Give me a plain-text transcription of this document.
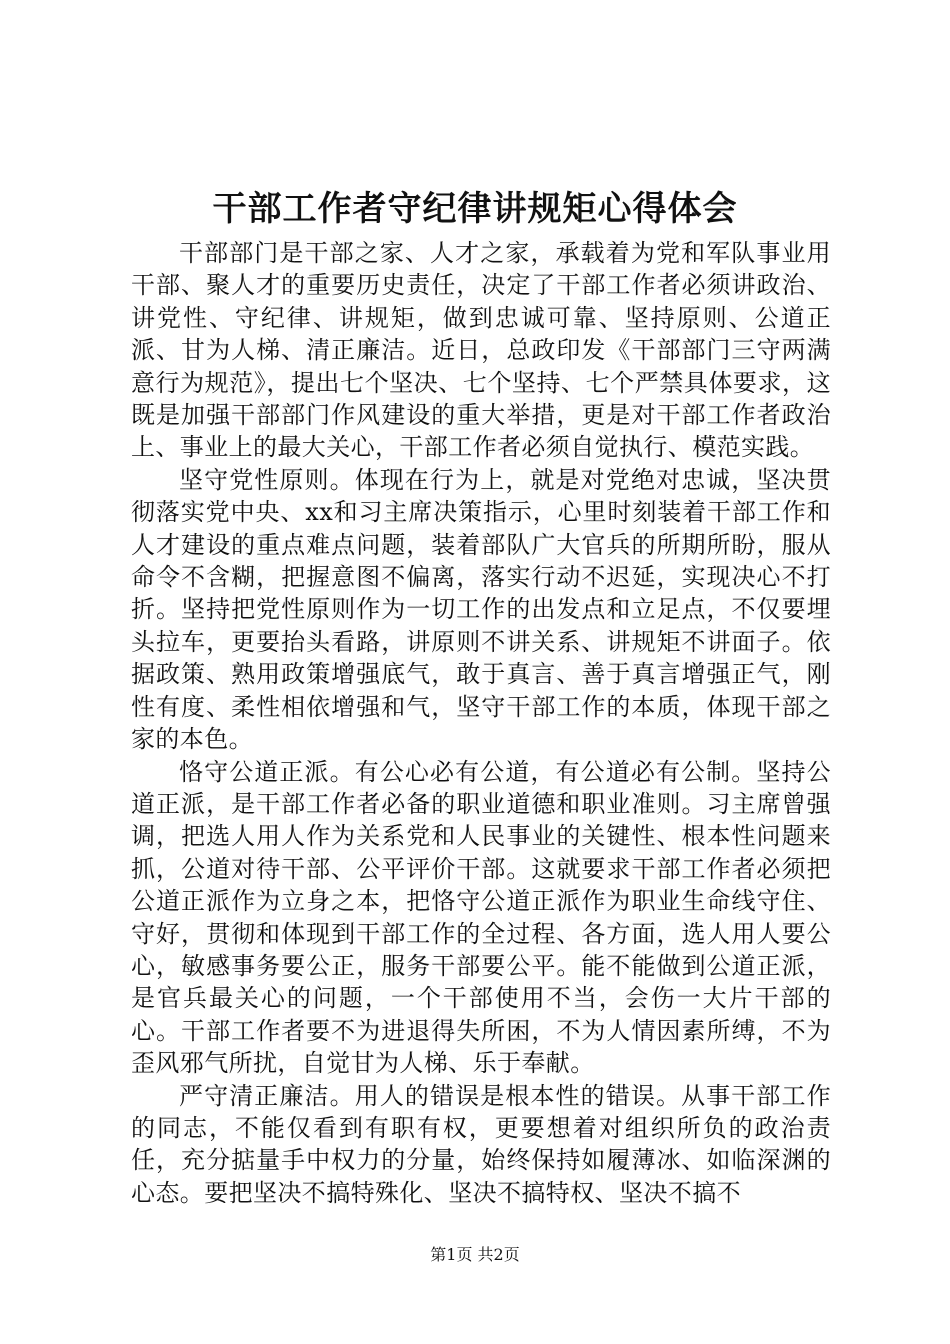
干部工作者守纪律讲规矩心得体会

干部部门是干部之家、人才之家，承载着为党和军队事业用干部、聚人才的重要历史责任，决定了干部工作者必须讲政治、讲党性、守纪律、讲规矩，做到忠诚可靠、坚持原则、公道正派、甘为人梯、清正廉洁。近日，总政印发《干部部门三守两满意行为规范》，提出七个坚决、七个坚持、七个严禁具体要求，这既是加强干部部门作风建设的重大举措，更是对干部工作者政治上、事业上的最大关心，干部工作者必须自觉执行、模范实践。

坚守党性原则。体现在行为上，就是对党绝对忠诚，坚决贯彻落实党中央、xx和习主席决策指示，心里时刻装着干部工作和人才建设的重点难点问题，装着部队广大官兵的所期所盼，服从命令不含糊，把握意图不偏离，落实行动不迟延，实现决心不打折。坚持把党性原则作为一切工作的出发点和立足点，不仅要埋头拉车，更要抬头看路，讲原则不讲关系、讲规矩不讲面子。依据政策、熟用政策增强底气，敢于真言、善于真言增强正气，刚性有度、柔性相依增强和气，坚守干部工作的本质，体现干部之家的本色。

恪守公道正派。有公心必有公道，有公道必有公制。坚持公道正派，是干部工作者必备的职业道德和职业准则。习主席曾强调，把选人用人作为关系党和人民事业的关键性、根本性问题来抓，公道对待干部、公平评价干部。这就要求干部工作者必须把公道正派作为立身之本，把恪守公道正派作为职业生命线守住、守好，贯彻和体现到干部工作的全过程、各方面，选人用人要公心，敏感事务要公正，服务干部要公平。能不能做到公道正派，是官兵最关心的问题，一个干部使用不当，会伤一大片干部的心。干部工作者要不为进退得失所困，不为人情因素所缚，不为歪风邪气所扰，自觉甘为人梯、乐于奉献。

严守清正廉洁。用人的错误是根本性的错误。从事干部工作的同志，不能仅看到有职有权，更要想着对组织所负的政治责任，充分掂量手中权力的分量，始终保持如履薄冰、如临深渊的心态。要把坚决不搞特殊化、坚决不搞特权、坚决不搞不

第1页 共2页
